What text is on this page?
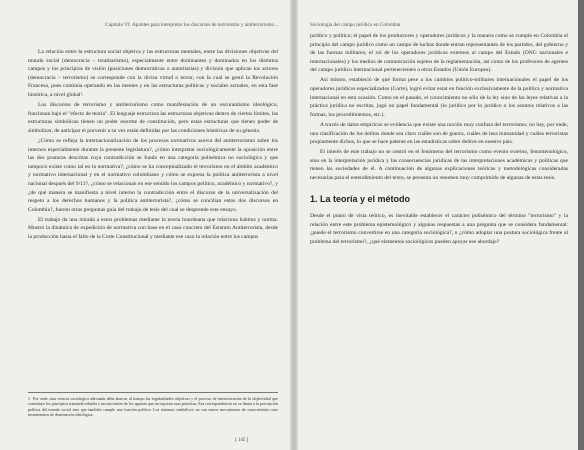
Capítulo VI. Apuntes para interpretar los discursos de terrorismo y antiterrorismo...

La relación entre la estructura social objetiva y las estructuras mentales, entre las divisiones objetivas del mundo social (democracia – totalitarismo), especialmente entre dominantes y dominados en los distintos campos y los principios de visión (posiciones democráticas o autoritarias) y división que aplican los actores (democracia – terrorismo) se corresponde con la divisa virtud o terror, con la cual se gestó la Revolución Francesa, pues continúa operando en las mentes y en las estructuras políticas y sociales actuales, en esta fase histórica, a nivel global¹.

Los discursos de terrorismo y antiterrorismo como manifestación de un oscurantismo ideológico, funcionan bajo el "efecto de teoría". El lenguaje estructura las estructuras objetivas dentro de ciertos límites, las estructuras simbólicas tienen un poder enorme de constitución, pero estas estructuras que tienen poder de simbolizar, de anticipar el porvenir a su vez están definidas por las condiciones históricas de su génesis.

¿Cómo se refleja la internacionalización de los procesos normativos acerca del antiterrorismo sobre los internos especialmente durante la presente legislatura?, ¿cómo interpretar sociológicamente la oposición entre las dos posturas descritas cuya contradicción se funda en una categoría polisémica no sociológica y que tampoco existe como tal en la normativa?, ¿cómo se ha conceptualizado el terrorismo en el ámbito académico y normativo internacional y en el normativo colombiano y cómo se expresa la política antiterrorista a nivel nacional después del 9/11?, ¿cómo se relacionan en ese sentido los campos político, académico y normativo?, y ¿de qué manera se manifiesta a nivel interno la contradicción entre el discurso de la universalización del respeto a los derechos humanos y la política antiterrorista?, ¿cómo se concilian estos dos discursos en Colombia?, fueron otras preguntas guía del trabajo de tesis del cual se desprende este ensayo.

El trabajo da una mirada a estos problemas mediante la teoría bourdeana que relaciona habitus y norma. Mostró la dinámica de expedición de normativa con base en el caso concreto del Estatuto Antiterrorista, desde la producción hasta el fallo de la Corte Constitucional y mediante ese caso la relación entre los campos

1 Por ende, una ciencia sociológica adecuada debe abarcar al tiempo las regularidades objetivas y el proceso de interiorización de la objetividad que constituye los principios transindividuales e inconscientes de los agentes que incorporan esas prácticas. Esa correspondencia no se limita a la percepción política del mundo social sino que también cumple una función política. Los sistemas simbólicos no son meros mecanismos de conocimiento sino instrumentos de dominación ideológica.
[ 145 ]
Sociología del campo jurídico en Colombia

jurídico y político; el papel de los productores y operadores jurídicos y la manera como se cumple en Colombia el principio del campo jurídico como un campo de luchas donde entran representantes de los partidos, del gobierno y de las fuerzas militares; el rol de los operadores jurídicos externos al campo del Estado (ONG nacionales e internacionales) y los medios de comunicación sujetos de la reglamentación, así como de los profesores de agentes del campo jurídico internacional pertenecientes a otros Estados (Unión Europea).

Así mismo, estableció de qué forma pese a los cambios político-militares internacionales el papel de los operadores jurídicos especializados (Corte), logró evitar estar en función exclusivamente de la política y normativa internacional en esta ocasión. Como en el pasado, el conocimiento no sólo de la ley sino de las leyes relativas a la práctica jurídica no escritas, jugó un papel fundamental (lo jurídico por lo jurídico o los asuntos relativos a las formas, los procedimientos, etc.).

A través de datos empíricos se evidencia que existe una noción muy confusa del terrorismo; no hay, por ende, una clasificación de los delitos donde sea claro cuáles son de guerra, cuáles de lesa humanidad y cuáles terroristas propiamente dichos, lo que se hace patente en las estadísticas sobre delitos en nuestro país.

El interés de este trabajo no se centró en el fenómeno del terrorismo como evento externo, fenomenológico, sino en la interpretación jurídica y las consecuencias jurídicas de las interpretaciones académicas y políticas que tienen las sociedades de él. A continuación de algunas explicaciones teóricas y metodológicas consideradas necesarias para el entendimiento del texto, se presenta un resumen muy comprimido de algunas de estas tesis.

1. La teoría y el método

Desde el punto de vista teórico, es inevitable establecer el carácter polisémico del término "terrorismo" y la relación entre este problema epistemológico y algunas respuestas a una pregunta que se considera fundamental: ¿puede el terrorismo convertirse en una categoría sociológica?, o ¿cómo adoptar una postura sociológica frente al problema del terrorismo?, ¿qué elementos sociológicos pueden apoyar ese abordaje?
